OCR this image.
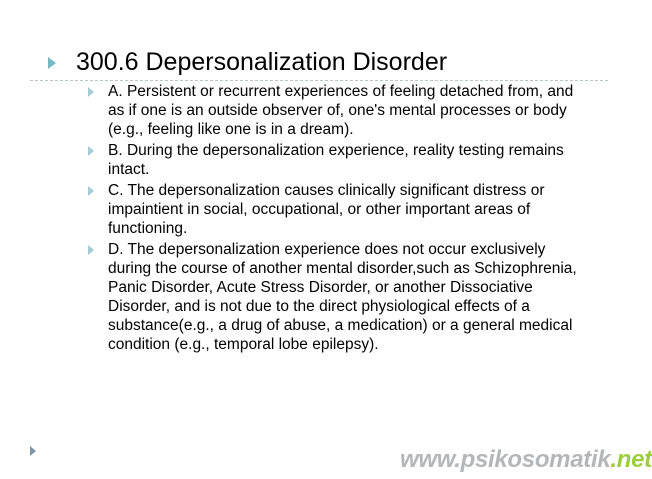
300.6 Depersonalization Disorder
A. Persistent or recurrent experiences of feeling detached from, and as if one is an outside observer of, one's mental processes or body (e.g., feeling like one is in a dream).
B. During the depersonalization experience, reality testing remains intact.
C. The depersonalization causes clinically significant distress or impaintient in social, occupational, or other important areas of functioning.
D. The depersonalization experience does not occur exclusively during the course of another mental disorder,such as Schizophrenia, Panic Disorder, Acute Stress Disorder, or another Dissociative Disorder, and is not due to the direct physiological effects of a substance(e.g., a drug of abuse, a medication) or a general medical condition (e.g., temporal lobe epilepsy).
www.psikosomatik.net
